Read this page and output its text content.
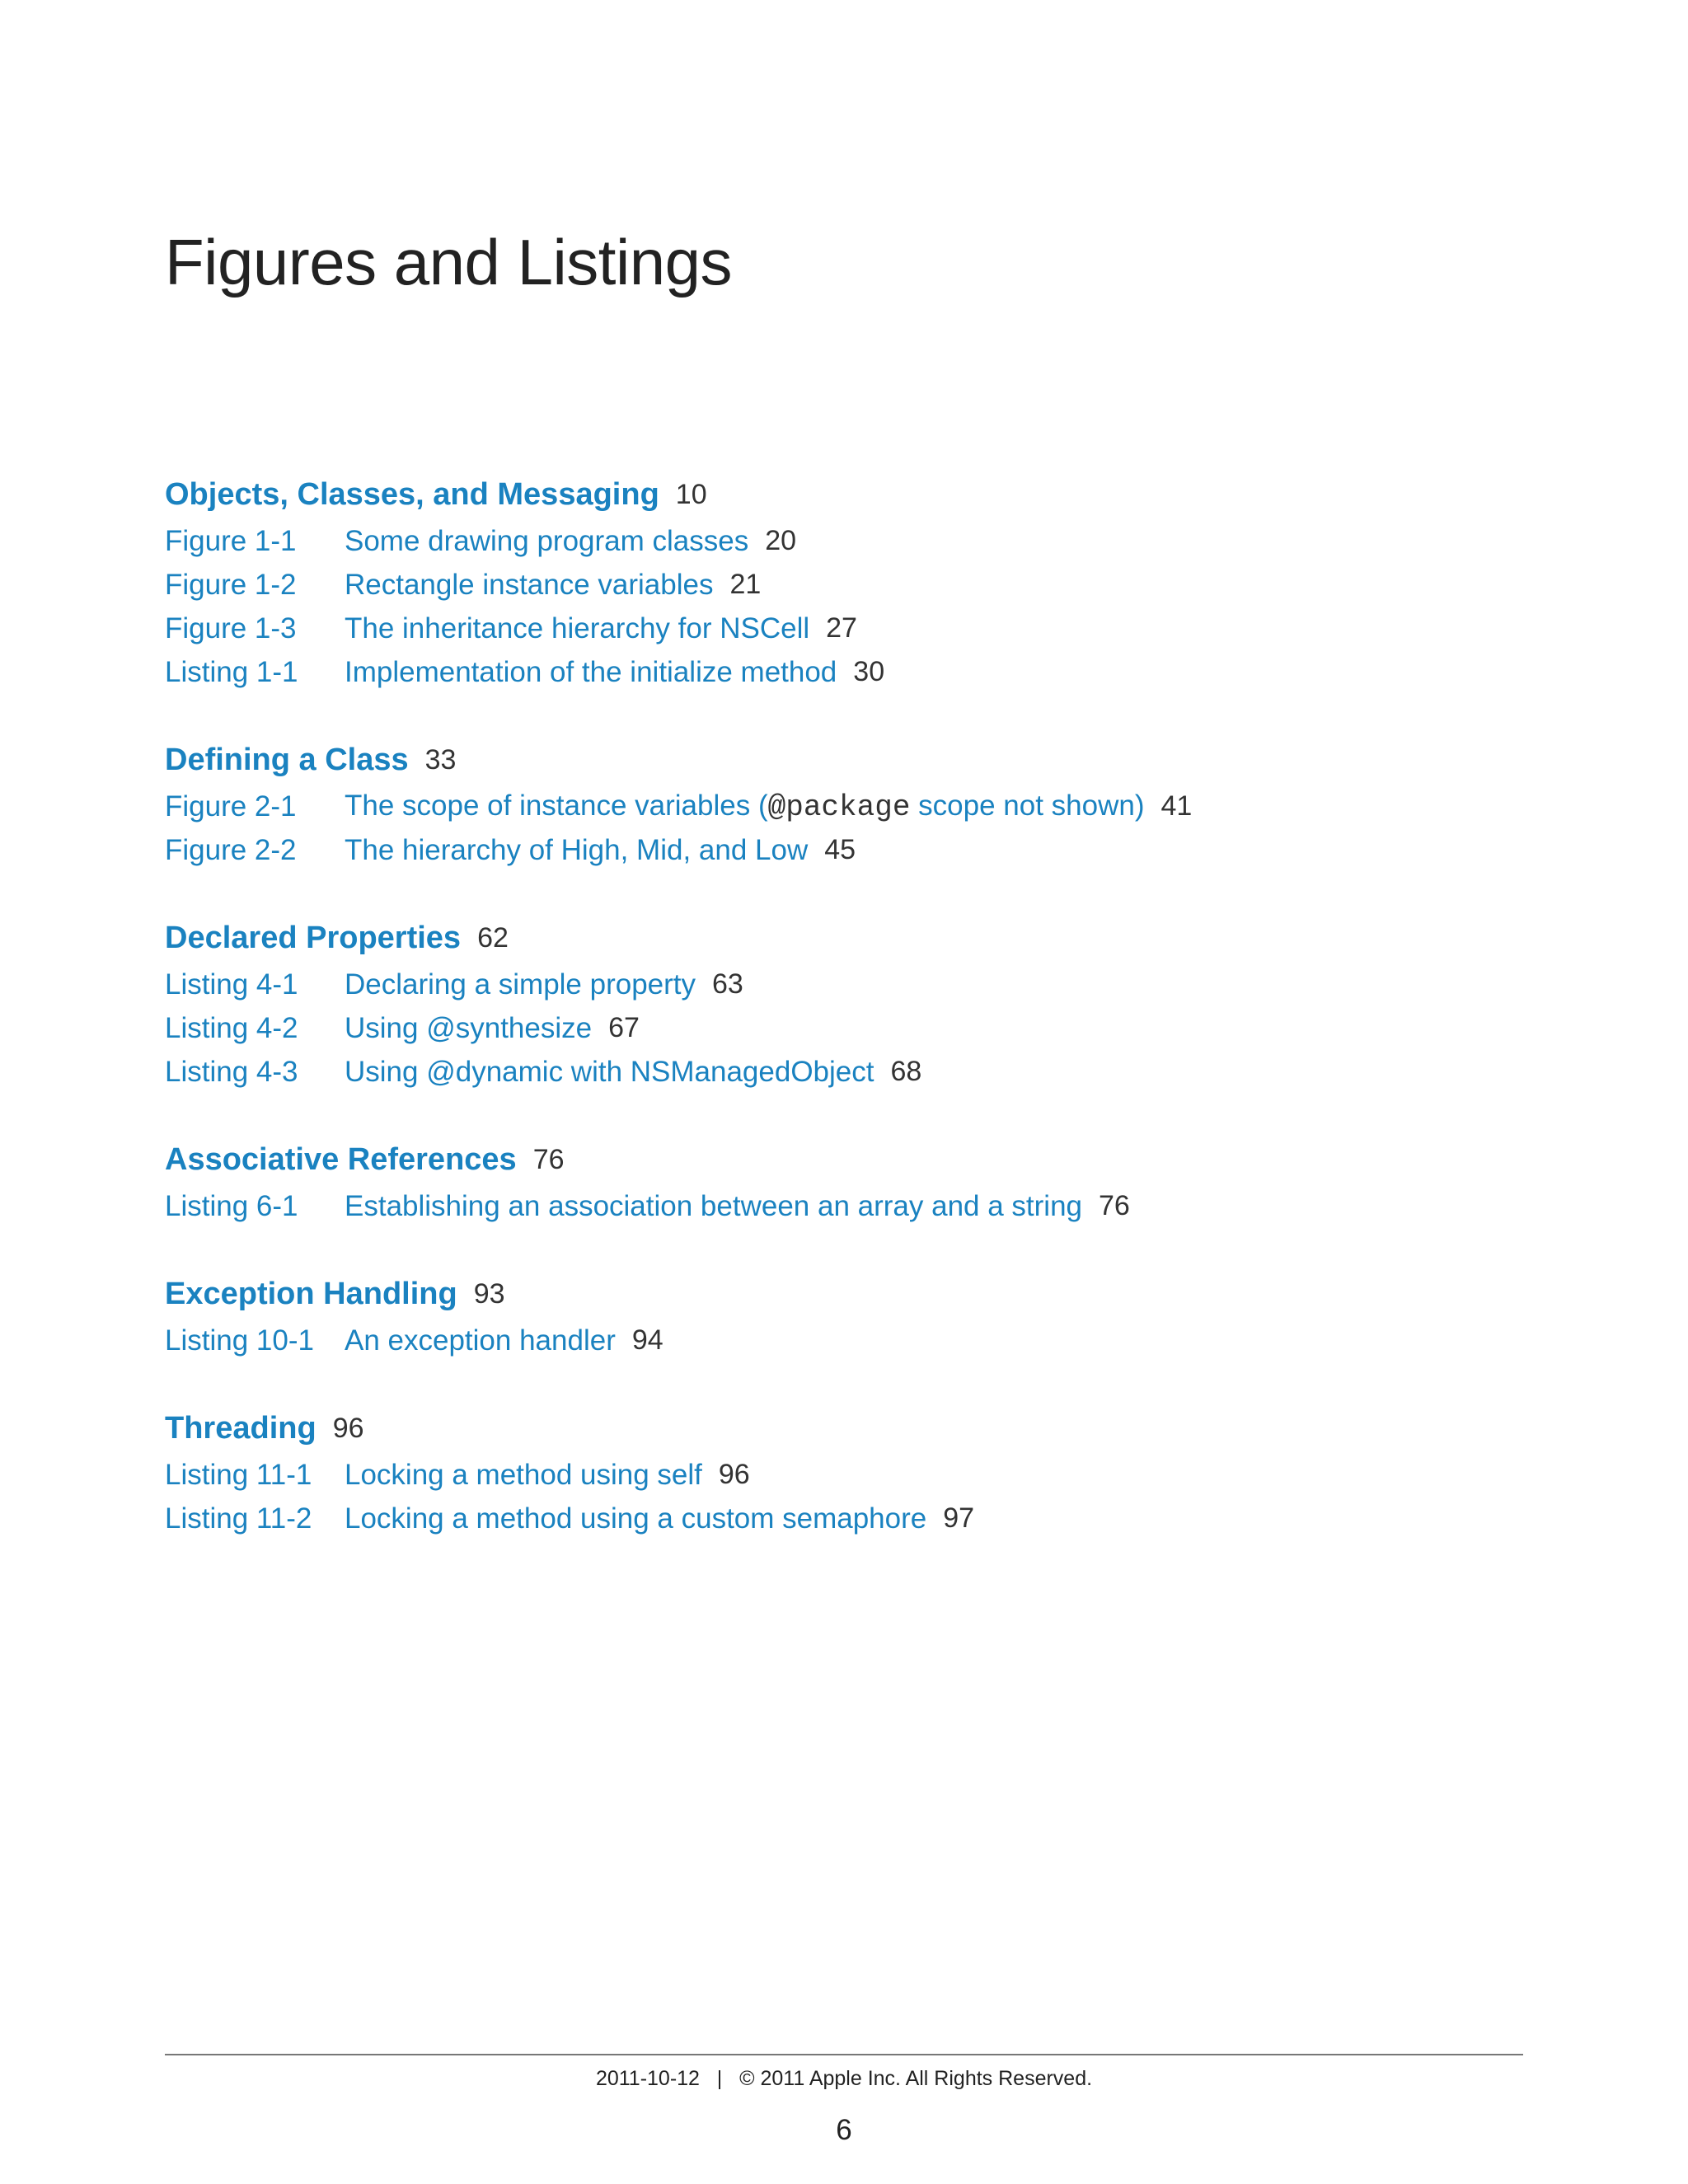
Figures and Listings
Objects, Classes, and Messaging 10
Figure 1-1	Some drawing program classes 20
Figure 1-2	Rectangle instance variables 21
Figure 1-3	The inheritance hierarchy for NSCell 27
Listing 1-1	Implementation of the initialize method 30
Defining a Class 33
Figure 2-1	The scope of instance variables (@package scope not shown) 41
Figure 2-2	The hierarchy of High, Mid, and Low 45
Declared Properties 62
Listing 4-1	Declaring a simple property 63
Listing 4-2	Using @synthesize 67
Listing 4-3	Using @dynamic with NSManagedObject 68
Associative References 76
Listing 6-1	Establishing an association between an array and a string 76
Exception Handling 93
Listing 10-1	An exception handler 94
Threading 96
Listing 11-1	Locking a method using self 96
Listing 11-2	Locking a method using a custom semaphore 97
2011-10-12   |   © 2011 Apple Inc. All Rights Reserved.
6
